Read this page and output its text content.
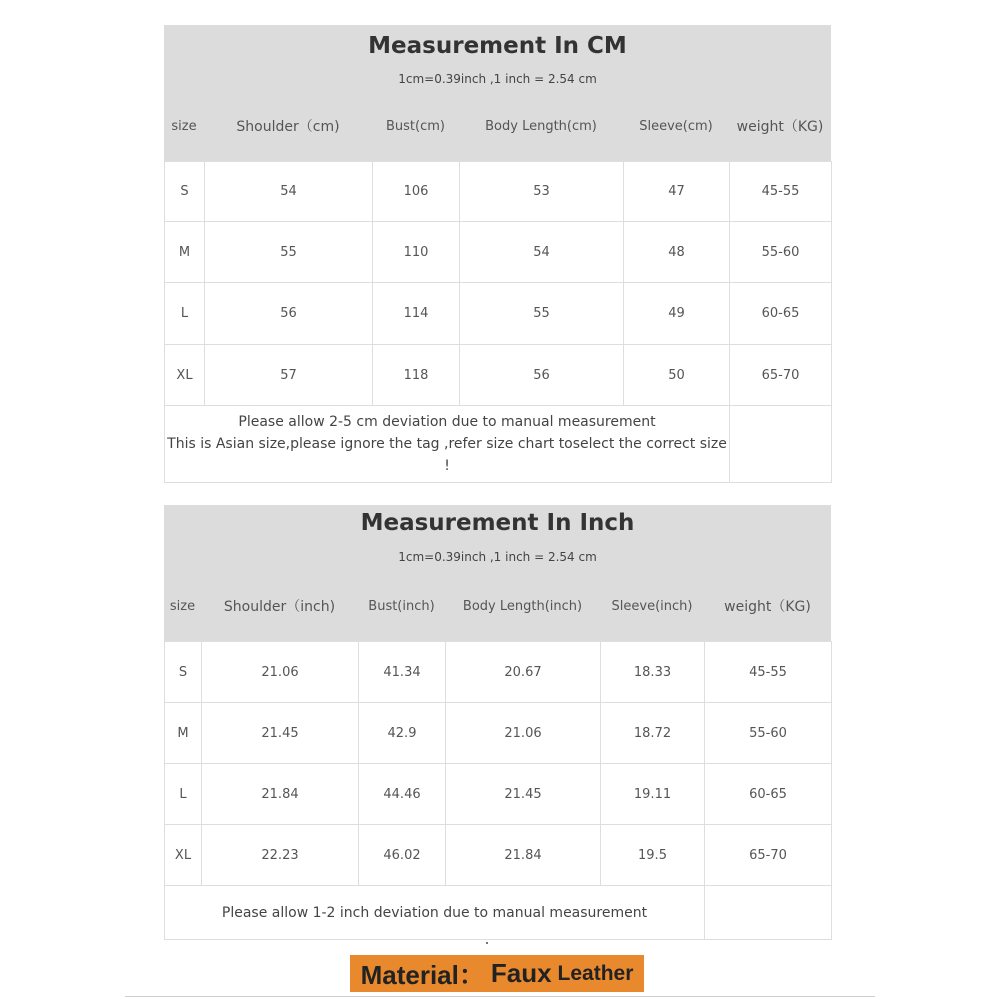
Measurement In CM
1cm=0.39inch ,1 inch = 2.54 cm
size	Shoulder（cm)	Bust(cm)	Body Length(cm)	Sleeve(cm)	weight（KG)
S	54	106	53	47	45-55
M	55	110	54	48	55-60
L	56	114	55	49	60-65
XL	57	118	56	50	65-70

Please allow 2-5 cm deviation due to manual measurement
This is Asian size,please ignore the tag ,refer size chart toselect the correct size !					

Measurement In Inch
1cm=0.39inch ,1 inch = 2.54 cm
size	Shoulder（inch)	Bust(inch)	Body Length(inch)	Sleeve(inch)	weight（KG)
S	21.06	41.34	20.67	18.33	45-55
M	21.45	42.9	21.06	18.72	55-60
L	21.84	44.46	21.45	19.11	60-65
XL	22.23	46.02	21.84	19.5	65-70

Please allow 1-2 inch deviation due to manual measurement					

Material： Faux Leather
